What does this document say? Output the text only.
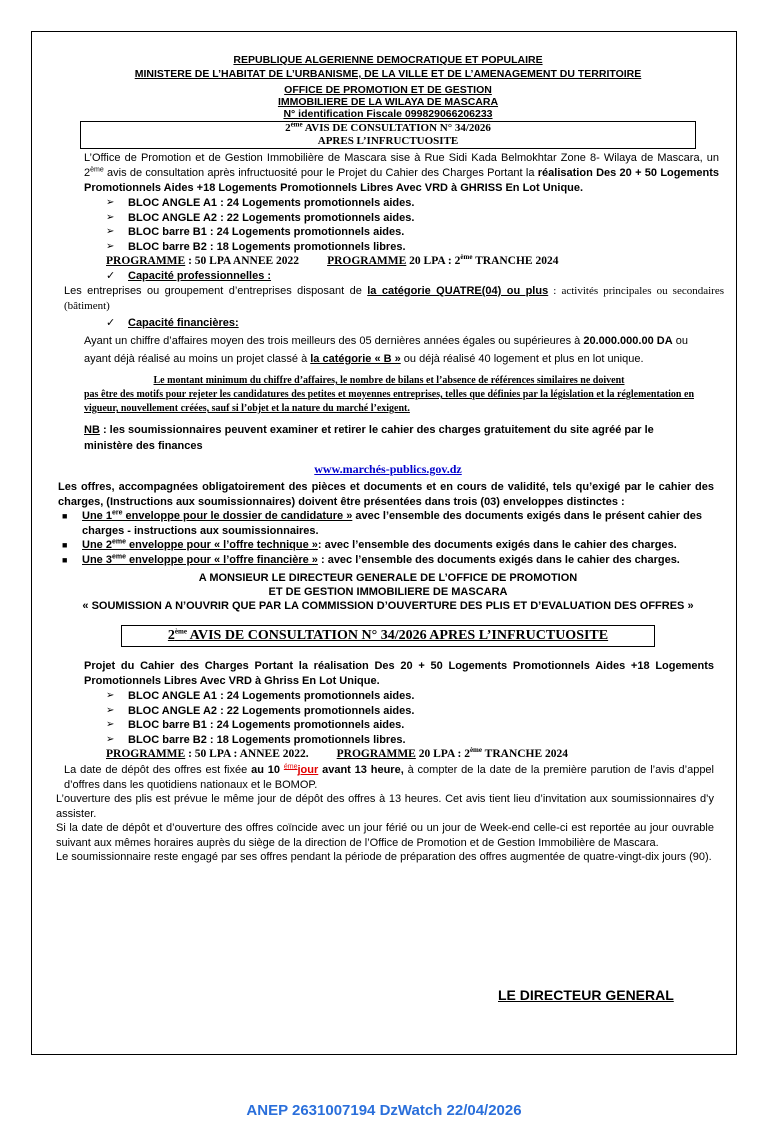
REPUBLIQUE ALGERIENNE DEMOCRATIQUE ET POPULAIRE
MINISTERE DE L’HABITAT DE L’URBANISME, DE LA VILLE ET DE L’AMENAGEMENT DU TERRITOIRE
OFFICE DE PROMOTION ET DE GESTION
IMMOBILIERE DE LA WILAYA DE MASCARA
N° identification Fiscale 099829066206233
2ème AVIS DE CONSULTATION N° 34/2026
APRES L’INFRUCTUOSITE
L’Office de Promotion et de Gestion Immobilière de Mascara sise à Rue Sidi Kada Belmokhtar Zone 8- Wilaya de Mascara, un 2ème avis de consultation après infructuosité pour le Projet du Cahier des Charges Portant la réalisation Des 20 + 50 Logements Promotionnels Aides +18 Logements Promotionnels Libres Avec VRD à GHRISS En Lot Unique.
➢ BLOC ANGLE A1 : 24 Logements promotionnels aides.
➢ BLOC ANGLE A2 : 22 Logements promotionnels aides.
➢ BLOC barre B1 : 24 Logements promotionnels aides.
➢ BLOC barre B2 : 18 Logements promotionnels libres.
PROGRAMME : 50 LPA ANNEE 2022 PROGRAMME 20 LPA : 2ème TRANCHE 2024
✓ Capacité professionnelles :
Les entreprises ou groupement d’entreprises disposant de la catégorie QUATRE(04) ou plus : activités principales ou secondaires (bâtiment)
✓ Capacité financières:
Ayant un chiffre d’affaires moyen des trois meilleurs des 05 dernières années égales ou supérieures à 20.000.000.00 DA ou ayant déjà réalisé au moins un projet classé à la catégorie « B » ou déjà réalisé 40 logement et plus en lot unique.
Le montant minimum du chiffre d’affaires, le nombre de bilans et l’absence de références similaires ne doivent
pas être des motifs pour rejeter les candidatures des petites et moyennes entreprises, telles que définies par la législation et la réglementation en vigueur, nouvellement créées, sauf si l’objet et la nature du marché l’exigent.
NB : les soumissionnaires peuvent examiner et retirer le cahier des charges gratuitement du site agréé par le ministère des finances
www.marchés-publics.gov.dz
Les offres, accompagnées obligatoirement des pièces et documents et en cours de validité, tels qu’exigé par le cahier des charges, (Instructions aux soumissionnaires) doivent être présentées dans trois (03) enveloppes distinctes :
■ Une 1ere enveloppe pour le dossier de candidature » avec l’ensemble des documents exigés dans le présent cahier des charges - instructions aux soumissionnaires.
■ Une 2eme enveloppe pour « l’offre technique »: avec l’ensemble des documents exigés dans le cahier des charges.
■ Une 3eme enveloppe pour « l’offre financière » : avec l’ensemble des documents exigés dans le cahier des charges.
A MONSIEUR LE DIRECTEUR GENERALE DE L’OFFICE DE PROMOTION
ET DE GESTION IMMOBILIERE DE MASCARA
« SOUMISSION A N’OUVRIR QUE PAR LA COMMISSION D’OUVERTURE DES PLIS ET D’EVALUATION DES OFFRES »
2ème AVIS DE CONSULTATION N° 34/2026 APRES L’INFRUCTUOSITE
Projet du Cahier des Charges Portant la réalisation Des 20 + 50 Logements Promotionnels Aides +18 Logements Promotionnels Libres Avec VRD à Ghriss En Lot Unique.
➢ BLOC ANGLE A1 : 24 Logements promotionnels aides.
➢ BLOC ANGLE A2 : 22 Logements promotionnels aides.
➢ BLOC barre B1 : 24 Logements promotionnels aides.
➢ BLOC barre B2 : 18 Logements promotionnels libres.
PROGRAMME : 50 LPA : ANNEE 2022. PROGRAMME 20 LPA : 2ème TRANCHE 2024
La date de dépôt des offres est fixée au 10 $^{éme}$jour avant 13 heure, à compter de la date de la première parution de l’avis d’appel d’offres dans les quotidiens nationaux et le BOMOP.
L’ouverture des plis est prévue le même jour de dépôt des offres à 13 heures. Cet avis tient lieu d’invitation aux soumissionnaires d’y assister.
Si la date de dépôt et d’ouverture des offres coïncide avec un jour férié ou un jour de Week-end celle-ci est reportée au jour ouvrable suivant aux mêmes horaires auprès du siège de la direction de l’Office de Promotion et de Gestion Immobilière de Mascara.
Le soumissionnaire reste engagé par ses offres pendant la période de préparation des offres augmentée de quatre-vingt-dix jours (90).
LE DIRECTEUR GENERAL
ANEP 2631007194 DzWatch 22/04/2026
